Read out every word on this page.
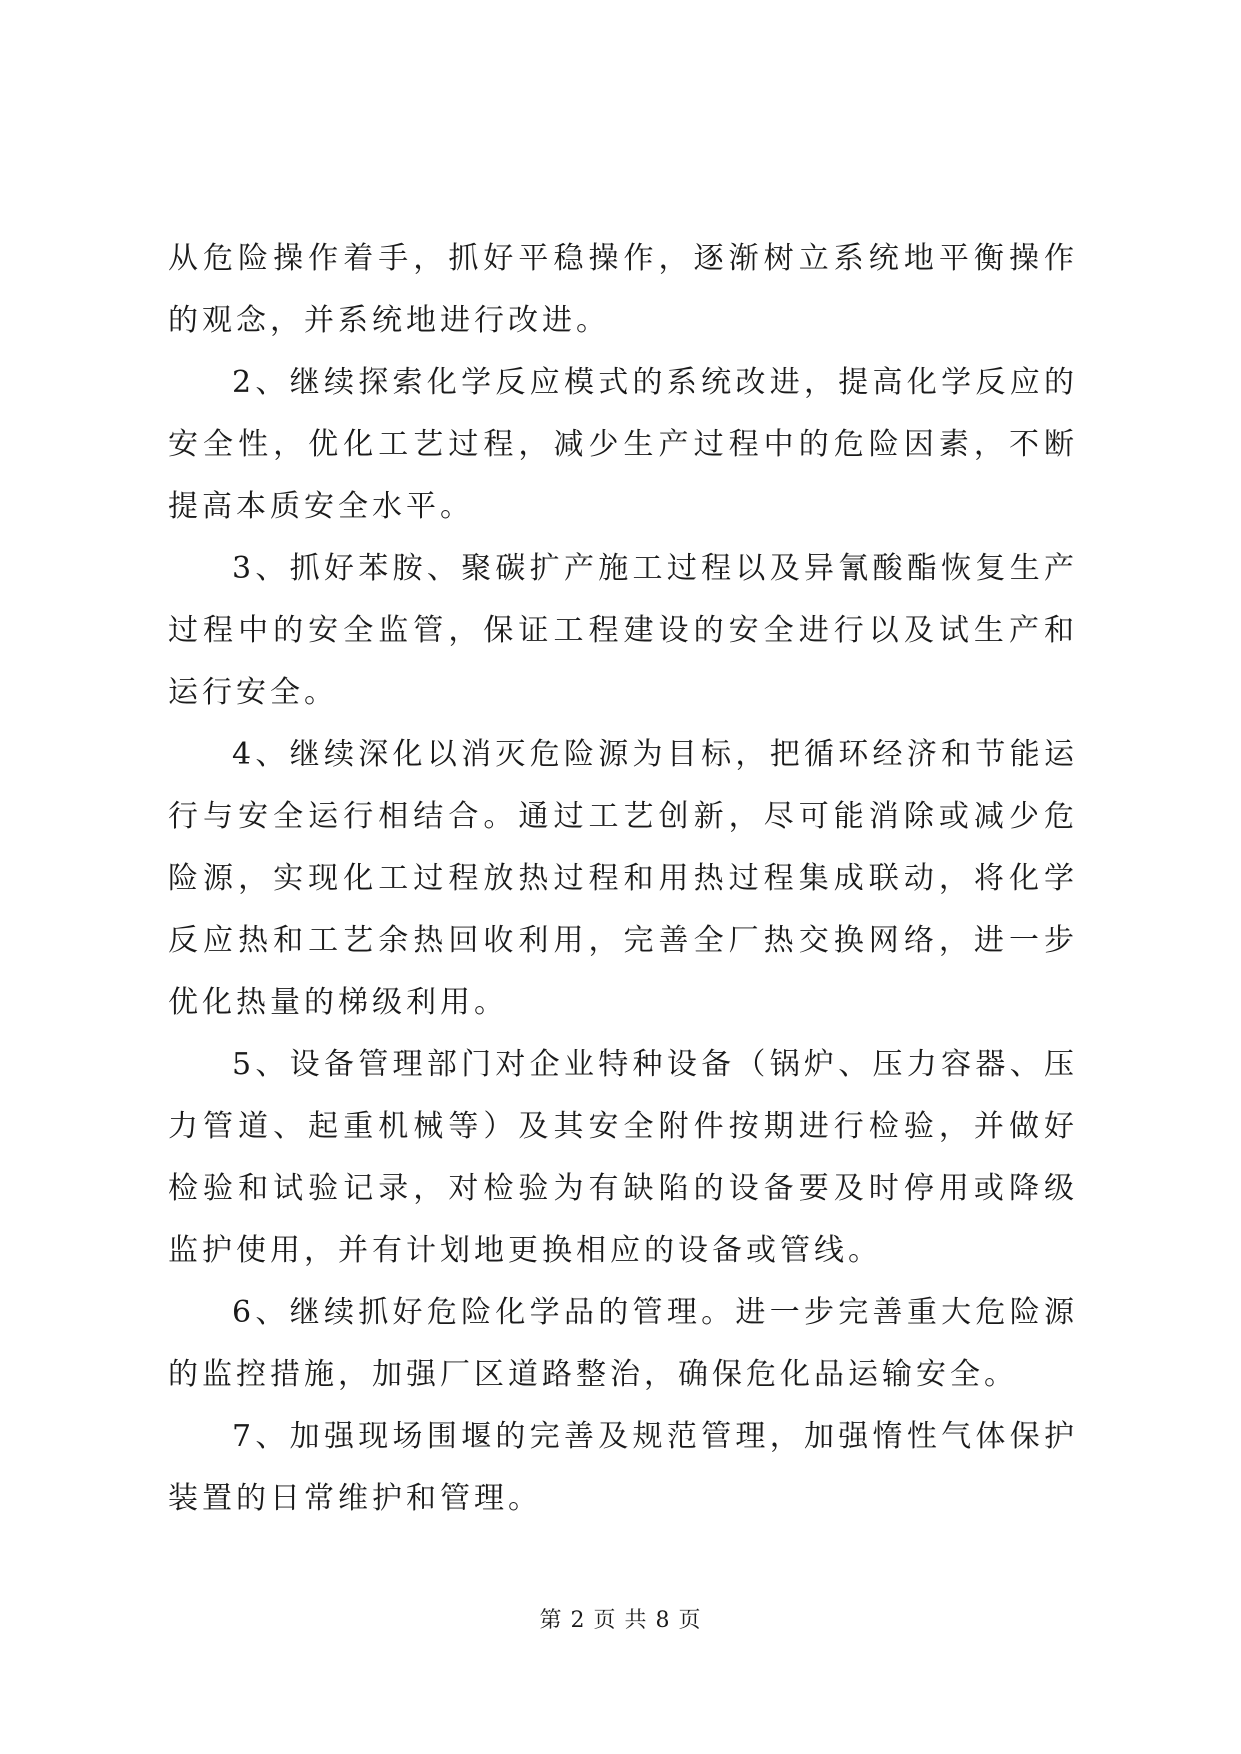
从危险操作着手，抓好平稳操作，逐渐树立系统地平衡操作的观念，并系统地进行改进。

2、继续探索化学反应模式的系统改进，提高化学反应的安全性，优化工艺过程，减少生产过程中的危险因素，不断提高本质安全水平。

3、抓好苯胺、聚碳扩产施工过程以及异氰酸酯恢复生产过程中的安全监管，保证工程建设的安全进行以及试生产和运行安全。

4、继续深化以消灭危险源为目标，把循环经济和节能运行与安全运行相结合。通过工艺创新，尽可能消除或减少危险源，实现化工过程放热过程和用热过程集成联动，将化学反应热和工艺余热回收利用，完善全厂热交换网络，进一步优化热量的梯级利用。

5、设备管理部门对企业特种设备（锅炉、压力容器、压力管道、起重机械等）及其安全附件按期进行检验，并做好检验和试验记录，对检验为有缺陷的设备要及时停用或降级监护使用，并有计划地更换相应的设备或管线。

6、继续抓好危险化学品的管理。进一步完善重大危险源的监控措施，加强厂区道路整治，确保危化品运输安全。

7、加强现场围堰的完善及规范管理，加强惰性气体保护装置的日常维护和管理。

第 2 页 共 8 页
